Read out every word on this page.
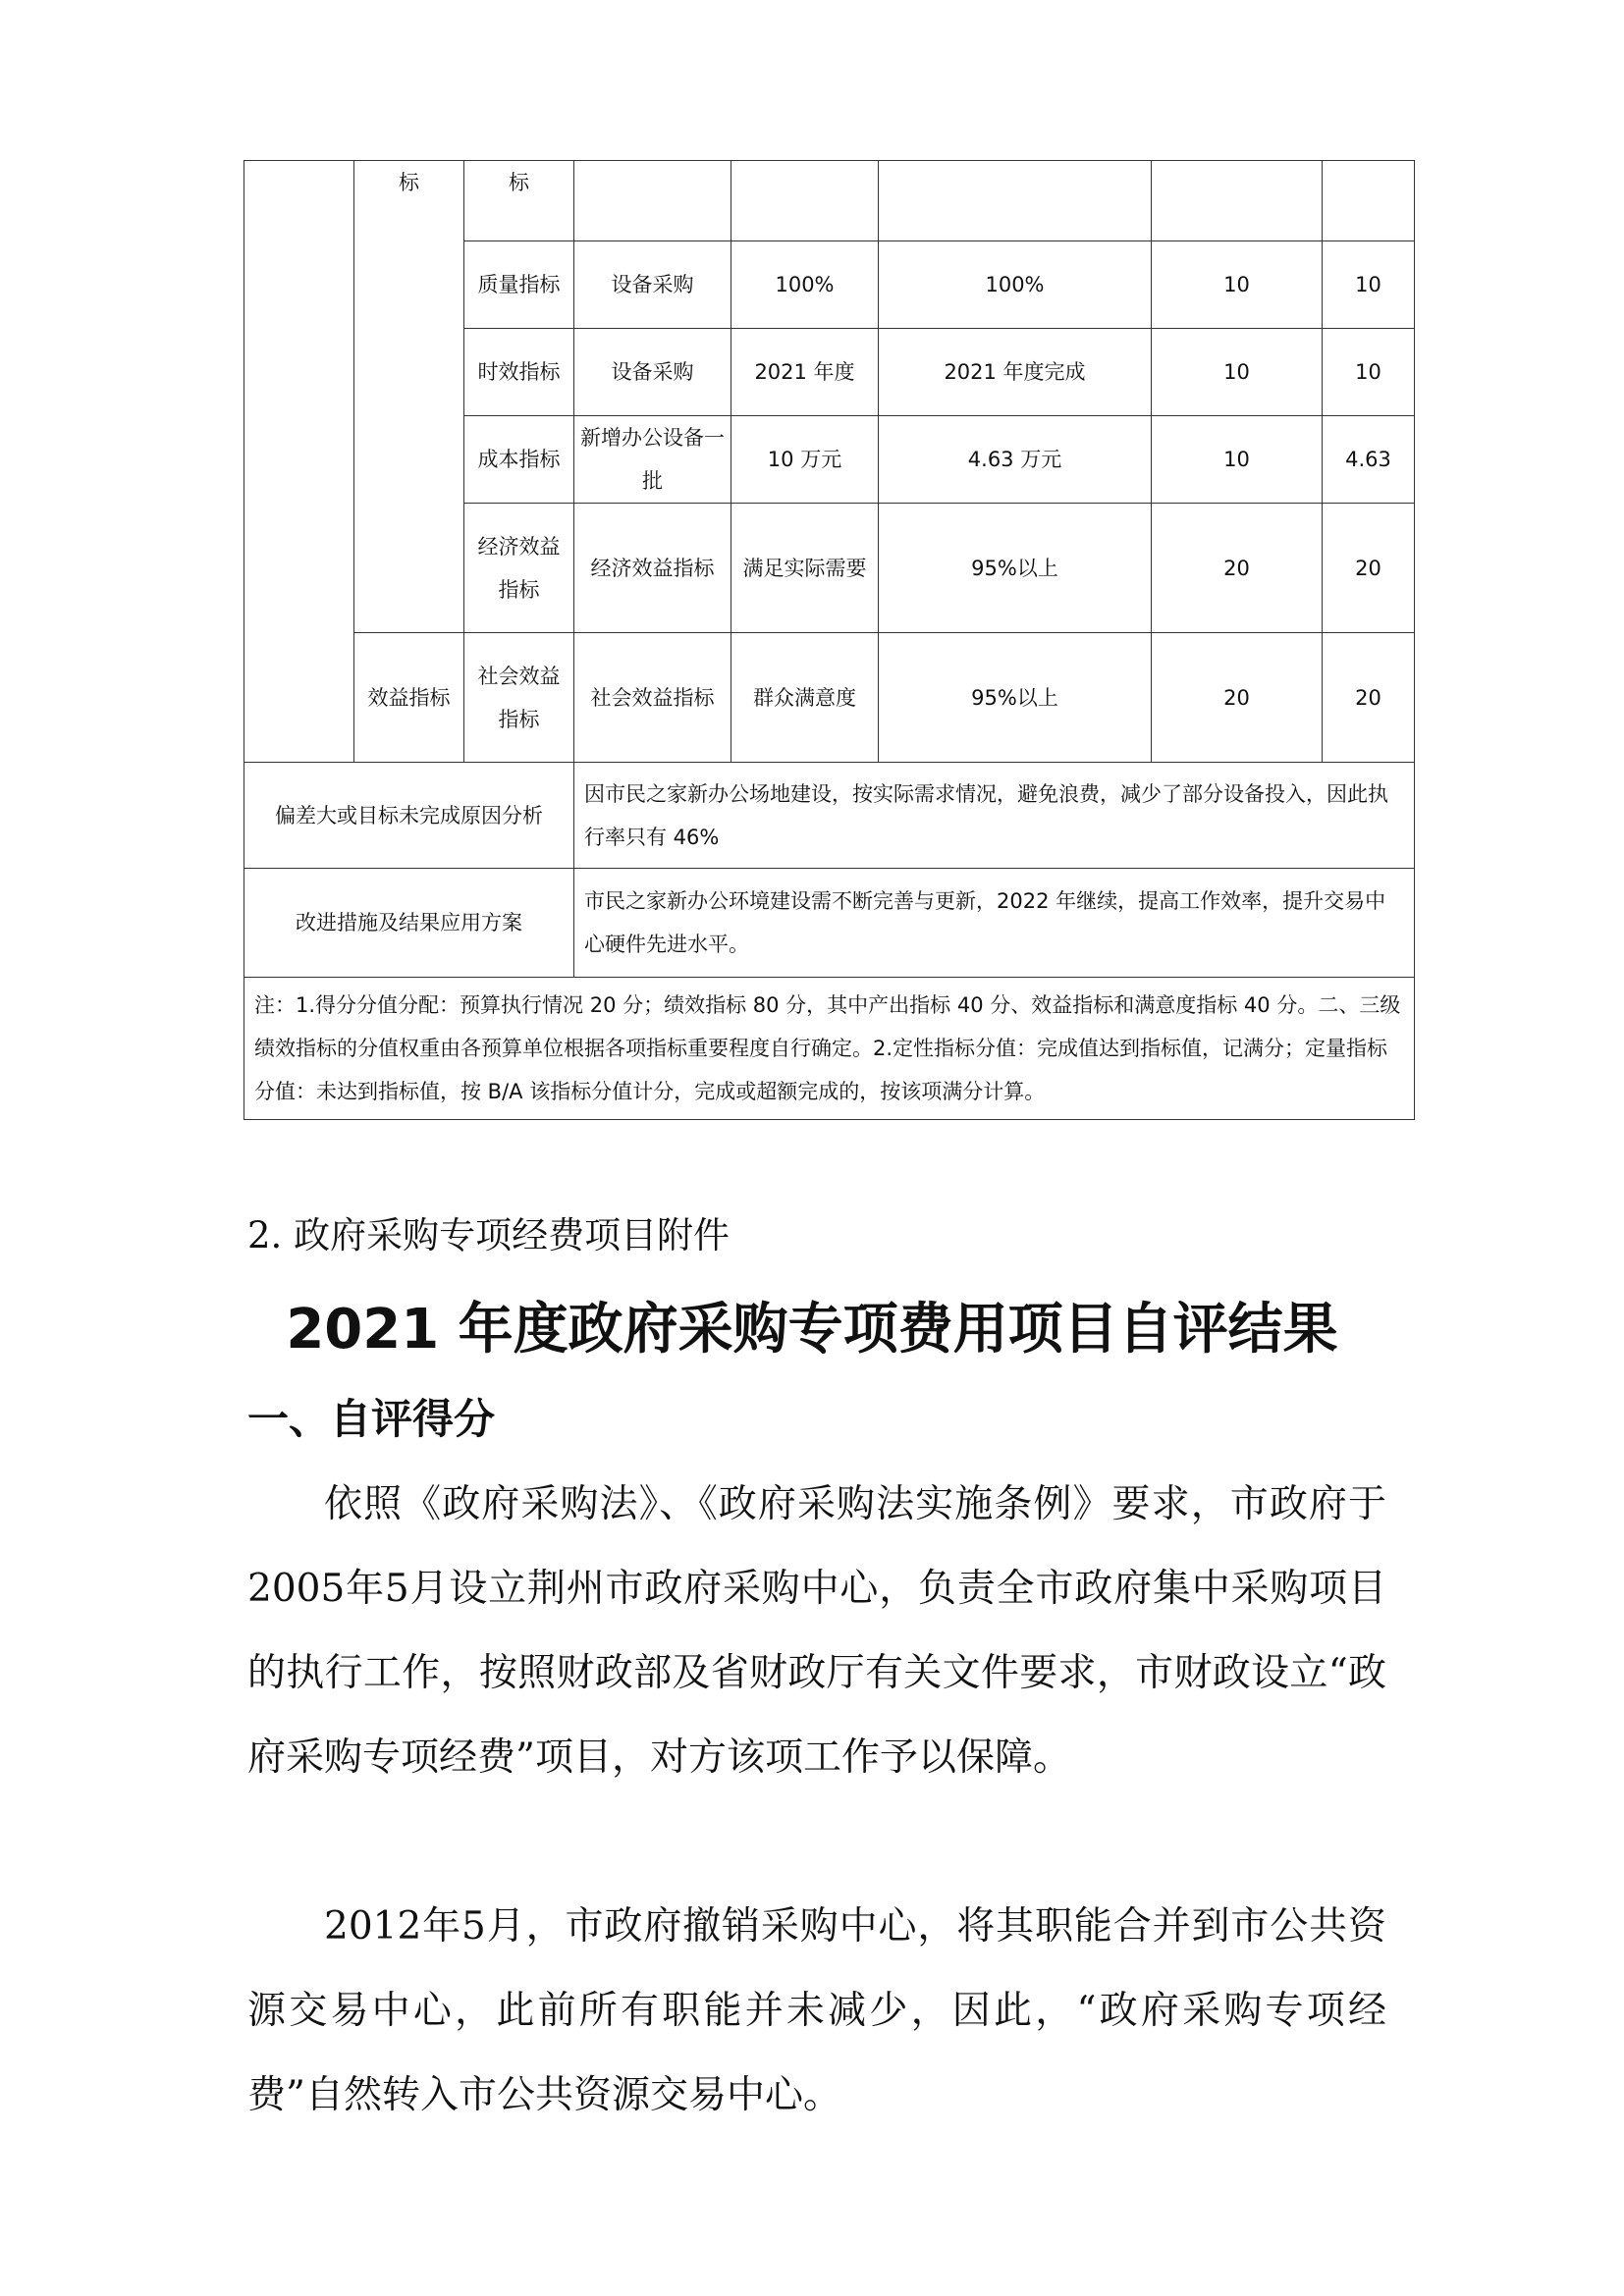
	标	标					
		质量指标	设备采购	100%	100%	10	10
		时效指标	设备采购	2021 年度	2021 年度完成	10	10
		成本指标	新增办公设备一批	10 万元	4.63 万元	10	4.63
		经济效益指标	经济效益指标	满足实际需要	95%以上	20	20
	效益指标	社会效益指标	社会效益指标	群众满意度	95%以上	20	20

偏差大或目标未完成原因分析			因市民之家新办公场地建设，按实际需求情况，避免浪费，减少了部分设备投入，因此执行率只有 46%				
改进措施及结果应用方案			市民之家新办公环境建设需不断完善与更新，2022 年继续，提高工作效率，提升交易中心硬件先进水平。				
注：1.得分分值分配：预算执行情况 20 分；绩效指标 80 分，其中产出指标 40 分、效益指标和满意度指标 40 分。二、三级绩效指标的分值权重由各预算单位根据各项指标重要程度自行确定。2.定性指标分值：完成值达到指标值，记满分；定量指标分值：未达到指标值，按 B/A 该指标分值计分，完成或超额完成的，按该项满分计算。							
2. 政府采购专项经费项目附件
2021 年度政府采购专项费用项目自评结果
一、自评得分

依照《政府采购法》、《政府采购法实施条例》要求，市政府于2005年5月设立荆州市政府采购中心，负责全市政府集中采购项目的执行工作，按照财政部及省财政厅有关文件要求，市财政设立“政府采购专项经费”项目，对方该项工作予以保障。

2012年5月，市政府撤销采购中心，将其职能合并到市公共资源交易中心，此前所有职能并未减少，因此，“政府采购专项经费”自然转入市公共资源交易中心。
